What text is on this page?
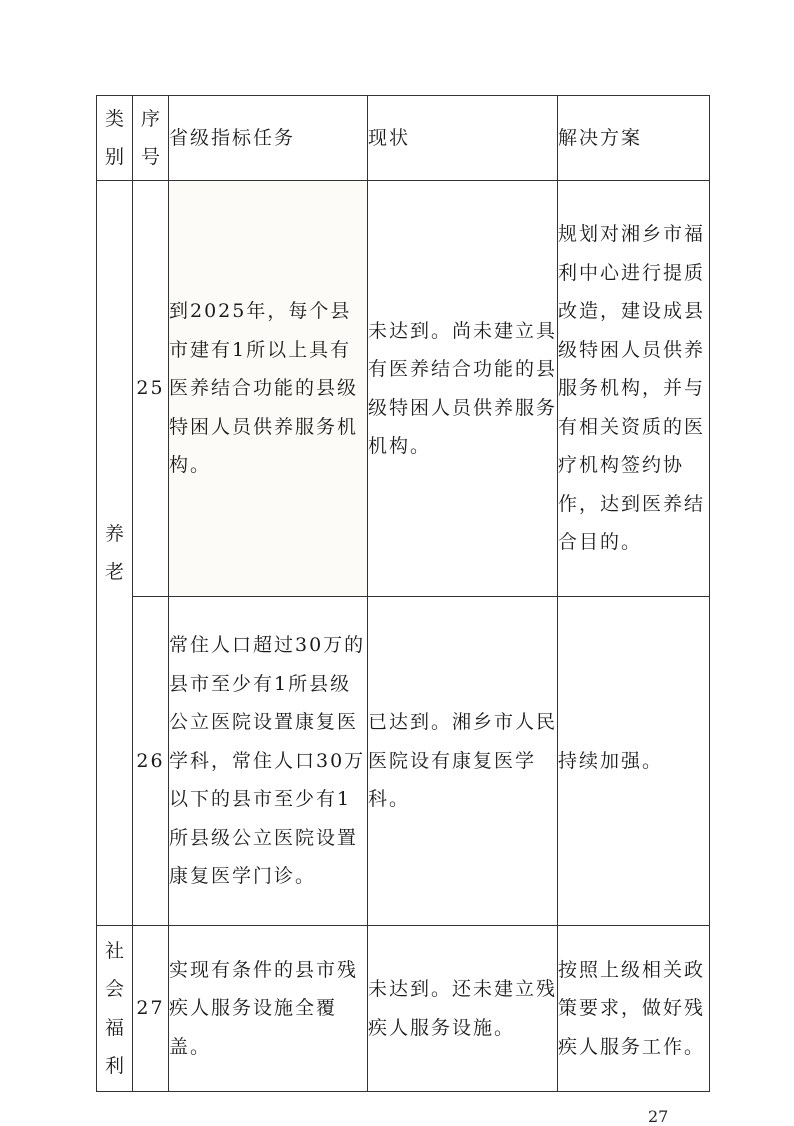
类别	序号	省级指标任务	现状	解决方案

养老	25	到2025年，每个县市建有1所以上具有医养结合功能的县级特困人员供养服务机构。	未达到。尚未建立具有医养结合功能的县级特困人员供养服务机构。	规划对湘乡市福利中心进行提质改造，建设成县级特困人员供养服务机构，并与有相关资质的医疗机构签约协作，达到医养结合目的。
	26	常住人口超过30万的县市至少有1所县级公立医院设置康复医学科，常住人口30万以下的县市至少有1所县级公立医院设置康复医学门诊。	已达到。湘乡市人民医院设有康复医学科。	持续加强。

社会福利	27	实现有条件的县市残疾人服务设施全覆盖。	未达到。还未建立残疾人服务设施。	按照上级相关政策要求，做好残疾人服务工作。
27
